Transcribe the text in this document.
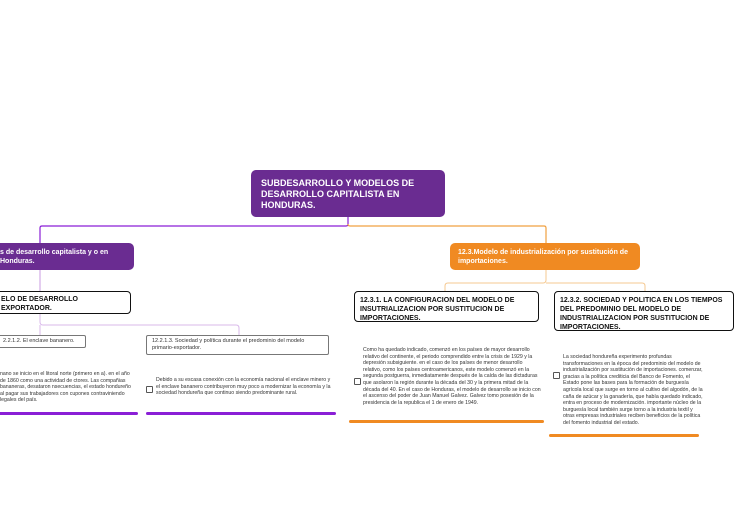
SUBDESARROLLO Y MODELOS DE DESARROLLO CAPITALISTA EN HONDURAS.
s de desarrollo capitalista y o en Honduras.
12.3.Modelo de industrialización por sustitución de importaciones.
ELO DE DESARROLLO EXPORTADOR.
12.3.1. LA CONFIGURACION DEL MODELO DE INSUTRIALIZACION POR SUSTITUCION DE IMPORTACIONES.
12.3.2. SOCIEDAD Y POLITICA EN LOS TIEMPOS DEL PREDOMINIO DEL MODELO DE INDUSTRIALIZACION POR SUSTITUCION DE IMPORTACIONES.
2.2.1.2. El enclave bananero.	12.2.1.3. Sociedad y política durante el predominio del modelo primario-exportador.
nano se inicio en el litoral norte (primero en a). en el año de 1860 como una actividad de ctores. Las compañias bananeras, desataron nsecuencias, el estado hondureño al pagar sus trabajadores con cupones contraviniendo legales del país.
Debido a su escasa conexión con la economía nacional el enclave minero y el enclave bananero contribuyeron muy poco a modernizar la economía y la sociedad hondureña que continuo siendo predominante rural.
Como ha quedado indicado, comenzó en los países de mayor desarrollo relativo del continente, el periodo comprendido entre la crisis de 1929 y la depresión subsiguiente. en el caso de los países de menor desarrollo relativo, como los países centroamericanos, este modelo comenzó en la segunda postguerra, inmediatamente después de la caída de las dictaduras que asolaron la región durante la década del 30 y la primera mitad de la década del 40. En el caso de Honduras, el modelo de desarrollo se inicio con el ascenso del poder de Juan Manuel Galvez. Galvez tomo posesión de la presidencia de la republica el 1 de enero de 1949.
La sociedad hondureña experimento profundas transformaciones en la época del predominio del modelo de industrialización por sustitución de importaciones. comenzar, gracias a la política crediticia del Banco de Fomento, el Estado pone las bases para la formación de burguesía agrícola local que surge en torno al cultivo del algodón, de la caña de azúcar y la ganadería, que había quedado indicado, entra en proceso de modernización. importante núcleo de la burguesía local también surge torno a la industria textil y otras empresas industriales reciben beneficios de la política del fomento industrial del estado.
